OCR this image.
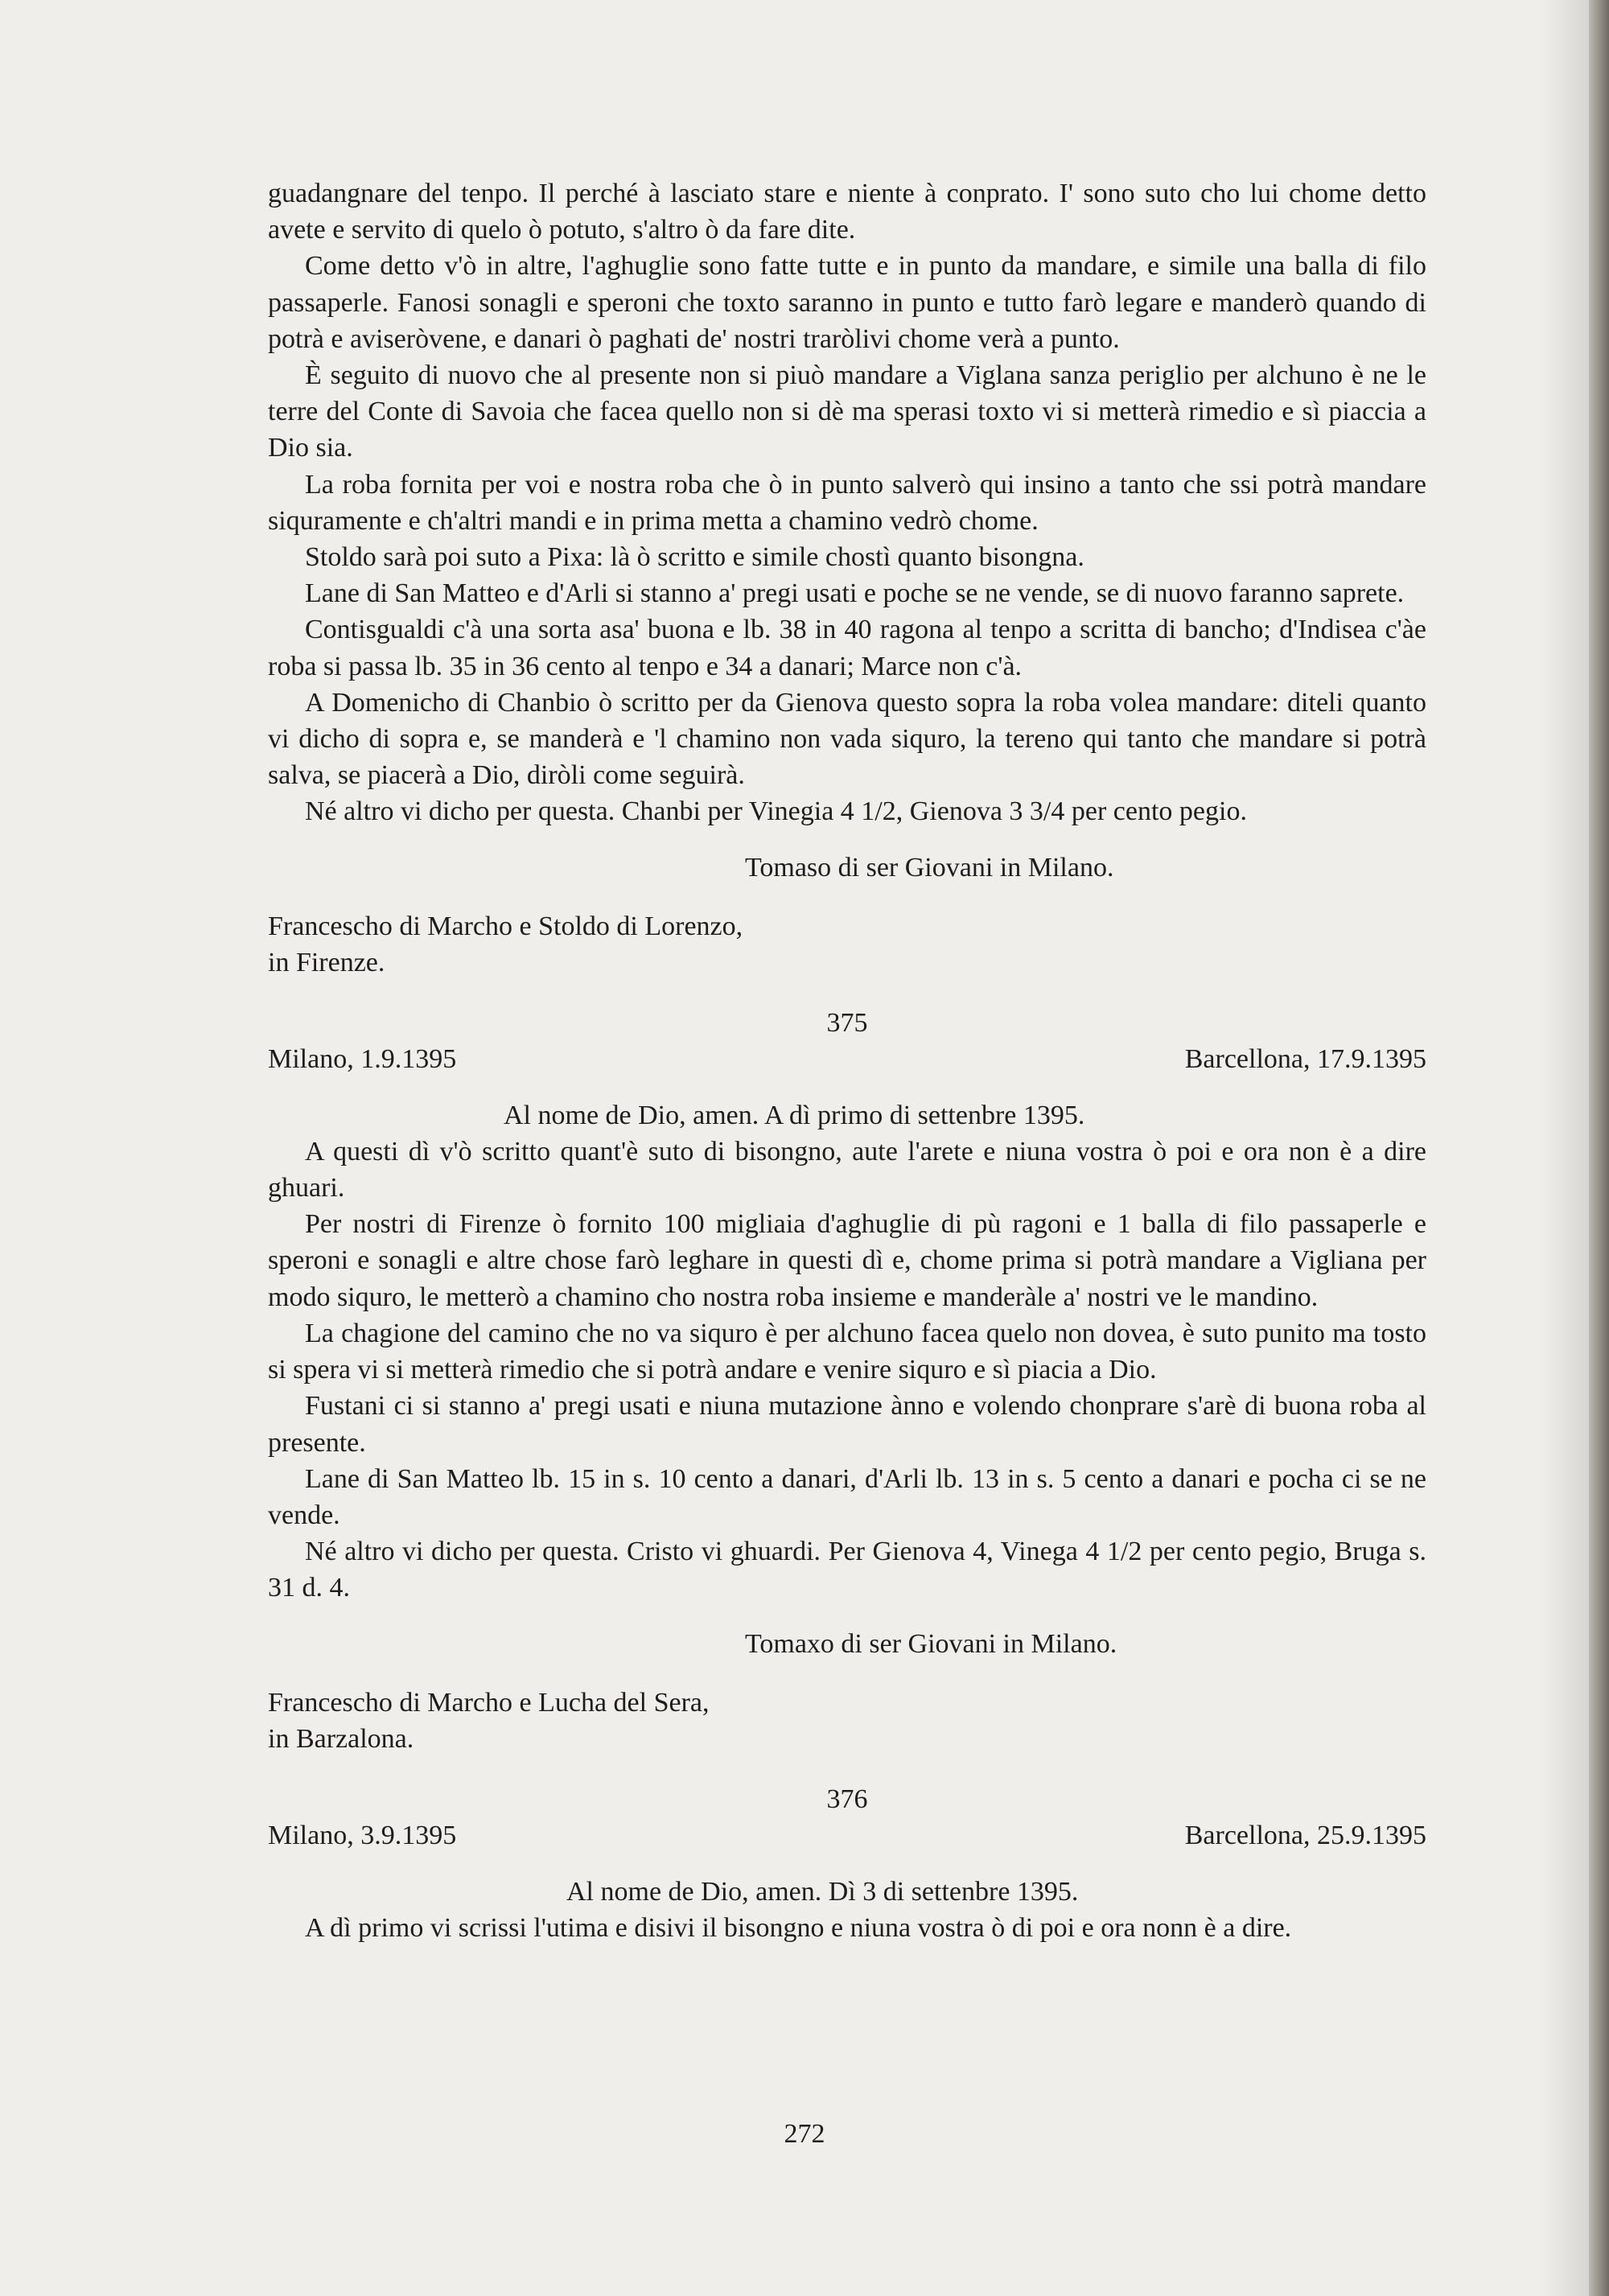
guadangnare del tenpo. Il perché à lasciato stare e niente à conprato. I' sono suto cho lui chome detto avete e servito di quelo ò potuto, s'altro ò da fare dite.

Come detto v'ò in altre, l'aghuglie sono fatte tutte e in punto da mandare, e simile una balla di filo passaperle. Fanosi sonagli e speroni che toxto saranno in punto e tutto farò legare e manderò quando di potrà e aviseròvene, e danari ò paghati de' nostri traròlivi chome verà a punto.

È seguito di nuovo che al presente non si piuò mandare a Viglana sanza periglio per alchuno è ne le terre del Conte di Savoia che facea quello non si dè ma sperasi toxto vi si metterà rimedio e sì piaccia a Dio sia.

La roba fornita per voi e nostra roba che ò in punto salverò qui insino a tanto che ssi potrà mandare siquramente e ch'altri mandi e in prima metta a chamino vedrò chome.

Stoldo sarà poi suto a Pixa: là ò scritto e simile chostì quanto bisongna.

Lane di San Matteo e d'Arli si stanno a' pregi usati e poche se ne vende, se di nuovo faranno saprete.

Contisgualdi c'à una sorta asa' buona e lb. 38 in 40 ragona al tenpo a scritta di bancho; d'Indisea c'àe roba si passa lb. 35 in 36 cento al tenpo e 34 a danari; Marce non c'à.

A Domenicho di Chanbio ò scritto per da Gienova questo sopra la roba volea mandare: diteli quanto vi dicho di sopra e, se manderà e 'l chamino non vada siquro, la tereno qui tanto che mandare si potrà salva, se piacerà a Dio, diròli come seguirà.

Né altro vi dicho per questa. Chanbi per Vinegia 4 1/2, Gienova 3 3/4 per cento pegio.

Tomaso di ser Giovani in Milano.

Francescho di Marcho e Stoldo di Lorenzo,

in Firenze.

375

Milano, 1.9.1395	Barcellona, 17.9.1395

Al nome de Dio, amen. A dì primo di settenbre 1395.

A questi dì v'ò scritto quant'è suto di bisongno, aute l'arete e niuna vostra ò poi e ora non è a dire ghuari.

Per nostri di Firenze ò fornito 100 migliaia d'aghuglie di pù ragoni e 1 balla di filo passaperle e speroni e sonagli e altre chose farò leghare in questi dì e, chome prima si potrà mandare a Vigliana per modo siquro, le metterò a chamino cho nostra roba insieme e manderàle a' nostri ve le mandino.

La chagione del camino che no va siquro è per alchuno facea quelo non dovea, è suto punito ma tosto si spera vi si metterà rimedio che si potrà andare e venire siquro e sì piacia a Dio.

Fustani ci si stanno a' pregi usati e niuna mutazione ànno e volendo chonprare s'arè di buona roba al presente.

Lane di San Matteo lb. 15 in s. 10 cento a danari, d'Arli lb. 13 in s. 5 cento a danari e pocha ci se ne vende.

Né altro vi dicho per questa. Cristo vi ghuardi. Per Gienova 4, Vinega 4 1/2 per cento pegio, Bruga s. 31 d. 4.

Tomaxo di ser Giovani in Milano.

Francescho di Marcho e Lucha del Sera,

in Barzalona.

376

Milano, 3.9.1395	Barcellona, 25.9.1395

Al nome de Dio, amen. Dì 3 di settenbre 1395.

A dì primo vi scrissi l'utima e disivi il bisongno e niuna vostra ò di poi e ora nonn è a dire.

272
